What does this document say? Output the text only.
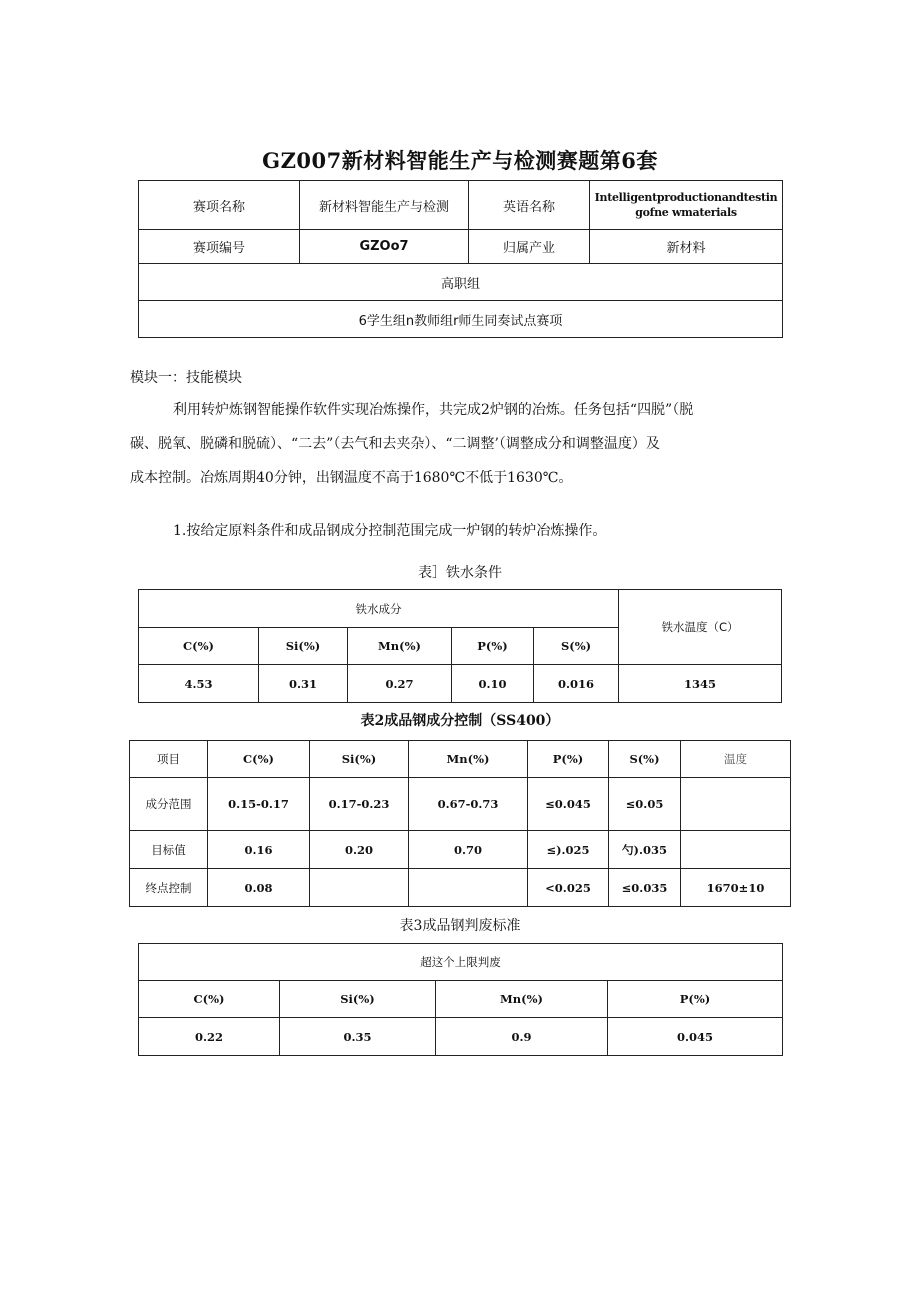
GZ007新材料智能生产与检测赛题第6套
赛项名称	新材料智能生产与检测	英语名称	Intelligentproductionandtestingofne wmaterials
赛项编号	GZOo7	归属产业	新材料
高职组			
6学生组n教师组r师生同奏试点赛项			
模块一：技能模块
利用转炉炼钢智能操作软件实现冶炼操作，共完成2炉钢的冶炼。任务包括“四脱”（脱
碳、脱氧、脱磷和脱硫）、“二去”（去气和去夹杂）、“二调整’（调整成分和调整温度）及
成本控制。冶炼周期40分钟，出钢温度不高于1680℃不低于1630℃。
1.按给定原料条件和成品钢成分控制范围完成一炉钢的转炉冶炼操作。
表］铁水条件
铁水成分					铁水温度（C）
C(%)	Si(%)	Mn(%)	P(%)	S(%)	
4.53	0.31	0.27	0.10	0.016	1345
表2成品钢成分控制（SS400）
项目	C(%)	Si(%)	Mn(%)	P(%)	S(%)	温度
成分范围	0.15-0.17	0.17-0.23	0.67-0.73	≤0.045	≤0.05	
目标值	0.16	0.20	0.70	≤).025	勺).035	
终点控制	0.08			<0.025	≤0.035	1670±10
表3成品钢判废标准
超这个上限判废			
C(%)	Si(%)	Mn(%)	P(%)
0.22	0.35	0.9	0.045
